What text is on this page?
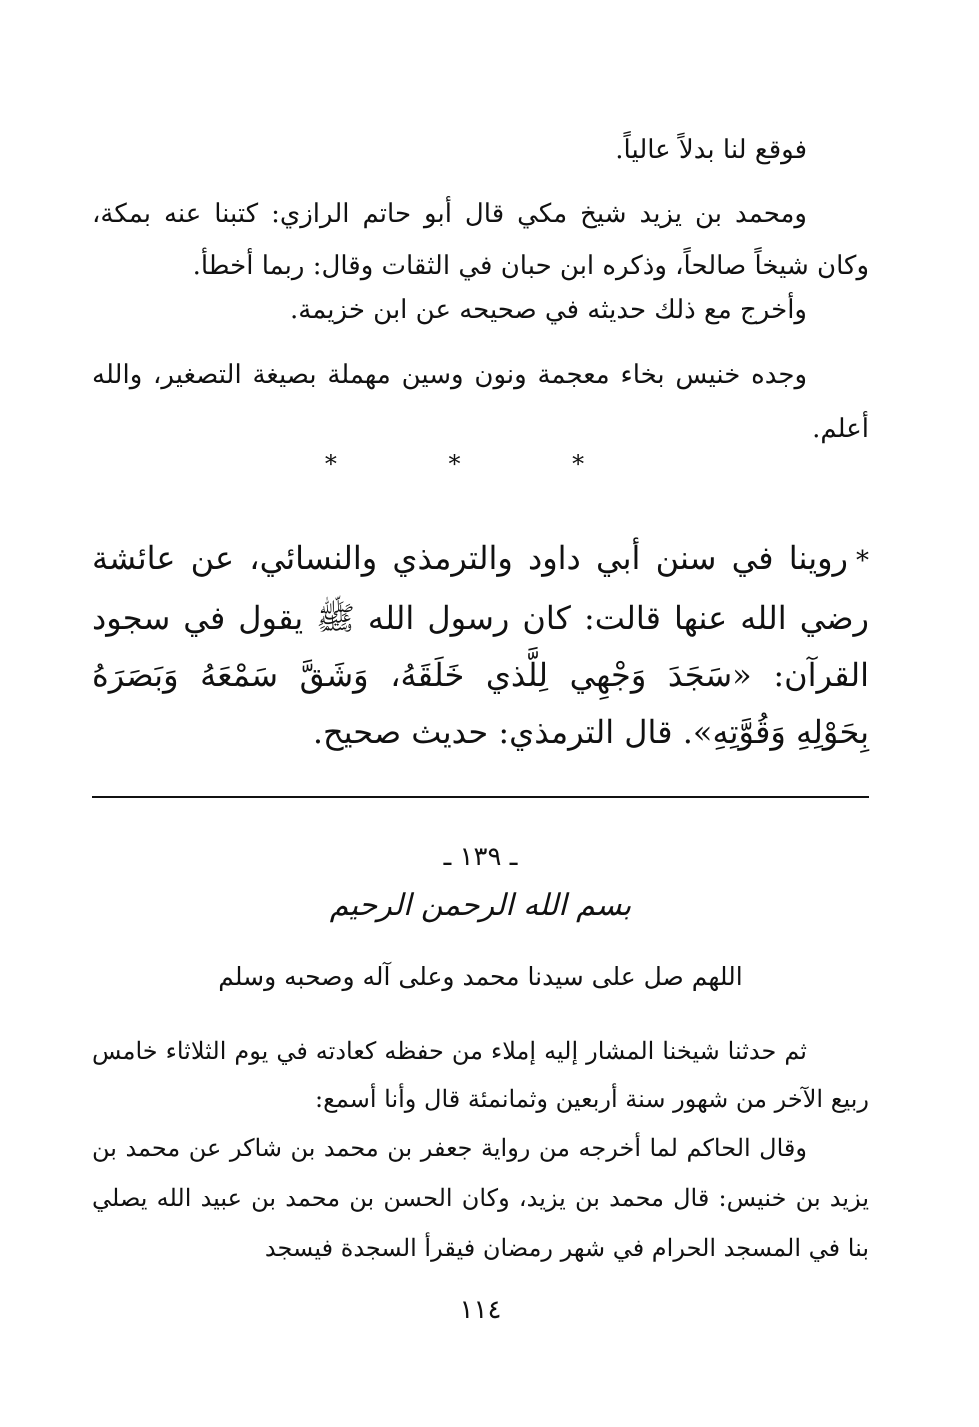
فوقع لنا بدلاً عالياً.

ومحمد بن يزيد شيخ مكي قال أبو حاتم الرازي: كتبنا عنه بمكة، وكان شيخاً صالحاً، وذكره ابن حبان في الثقات وقال: ربما أخطأ.

وأخرج مع ذلك حديثه في صحيحه عن ابن خزيمة.

وجده خنيس بخاء معجمة ونون وسين مهملة بصيغة التصغير، والله أعلم.

* * *

*روينا في سنن أبي داود والترمذي والنسائي، عن عائشة رضي الله عنها قالت: كان رسول الله ﷺ يقول في سجود القرآن: «سَجَدَ وَجْهِي لِلَّذي خَلَقَهُ، وَشَقَّ سَمْعَهُ وَبَصَرَهُ بِحَوْلِهِ وَقُوَّتِهِ». قال الترمذي: حديث صحيح.

ـ ١٣٩ ـ
بسم الله الرحمن الرحيم
اللهم صل على سيدنا محمد وعلى آله وصحبه وسلم

ثم حدثنا شيخنا المشار إليه إملاء من حفظه كعادته في يوم الثلاثاء خامس ربيع الآخر من شهور سنة أربعين وثمانمئة قال وأنا أسمع:

وقال الحاكم لما أخرجه من رواية جعفر بن محمد بن شاكر عن محمد بن يزيد بن خنيس: قال محمد بن يزيد، وكان الحسن بن محمد بن عبيد الله يصلي بنا في المسجد الحرام في شهر رمضان فيقرأ السجدة فيسجد

١١٤
